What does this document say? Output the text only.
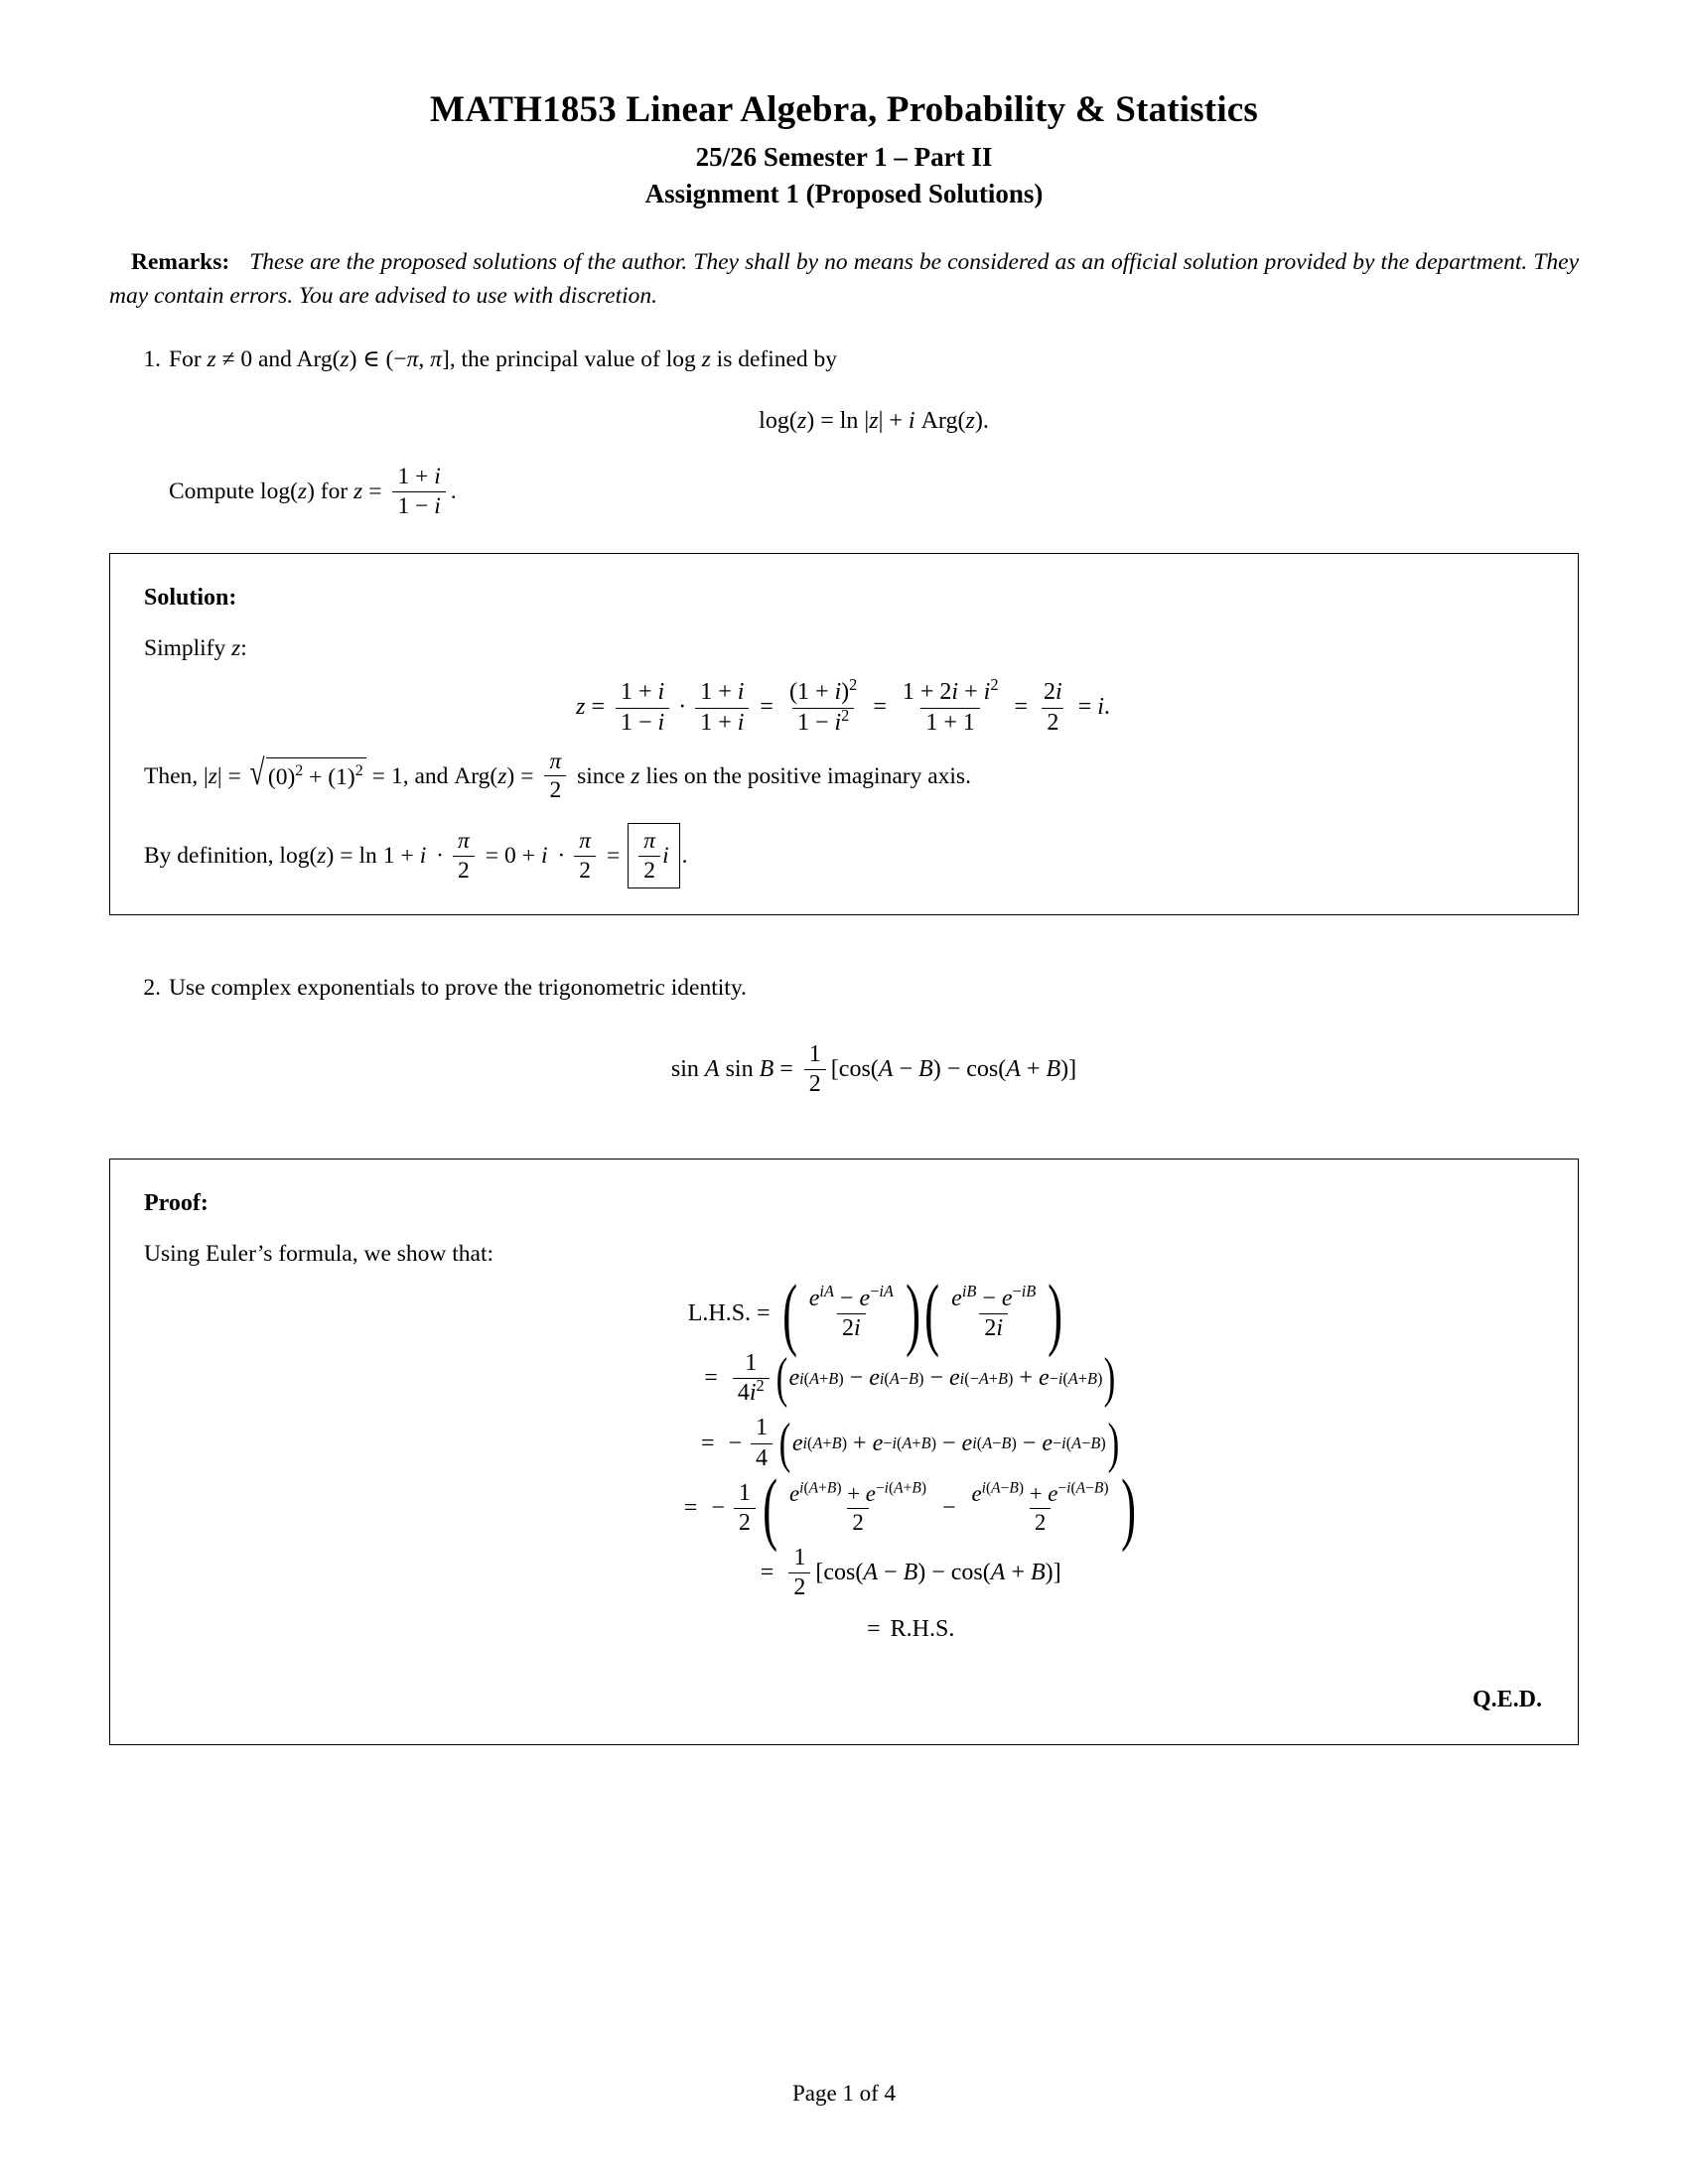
MATH1853 Linear Algebra, Probability & Statistics
25/26 Semester 1 – Part II
Assignment 1 (Proposed Solutions)
Remarks: These are the proposed solutions of the author. They shall by no means be considered as an official solution provided by the department. They may contain errors. You are advised to use with discretion.
1. For z ≠ 0 and Arg(z) ∈ (−π, π], the principal value of log z is defined by
log ( z ) = ln | z | + i
Arg ( z ).
Compute log ( z ) for
$z = \frac{1 + i}{1 - i}$ .
Solution:
Simplify z:
$z = \frac{1 + i}{1 - i} \cdot \frac{1 + i}{1 + i} = \frac{(1 + i)^2}{1 - i^2} = \frac{1 + 2i + i^2}{1 + 1} = \frac{2i}{2} = i$ .
Then, | z | = √ $(0)^2 + (1)^2 = 1$, and
Arg ( z ) = $\frac{\pi}{2}$
since
z
lies on the positive imaginary axis.
By definition, log ( z ) = ln 1 + i
· $\frac{\pi}{2} = 0 + i$
· $\frac{\pi}{2} = \frac{\pi}{2}$ i .
2. Use complex exponentials to prove the trigonometric identity.
sin
A
sin
$B = \frac{1}{2}$ [ cos ( A − B ) − cos ( A + B )]
Proof:
Using Euler’s formula, we show that:
L.H.S. = ( $\frac{e^{iA} - e^{-iA}}{2i}$ ) ( $\frac{e^{iB} - e^{-iB}}{2i}$ )
= $\frac{1}{4i^2}$ ( e i(A+B) − e i(A−B) − e i(−A+B) + e −i(A+B) )
= − $\frac{1}{4}$ ( e i(A+B) + e −i(A+B) − e i(A−B) − e −i(A−B) )
= − $\frac{1}{2}$ ( $\frac{e^{i(A+B)} + e^{-i(A+B)}}{2} - \frac{e^{i(A-B)} + e^{-i(A-B)}}{2}$ )
= $\frac{1}{2}$ [ cos ( A − B ) − cos ( A + B )]
= R.H.S.
Q.E.D.
Page 1 of 4
